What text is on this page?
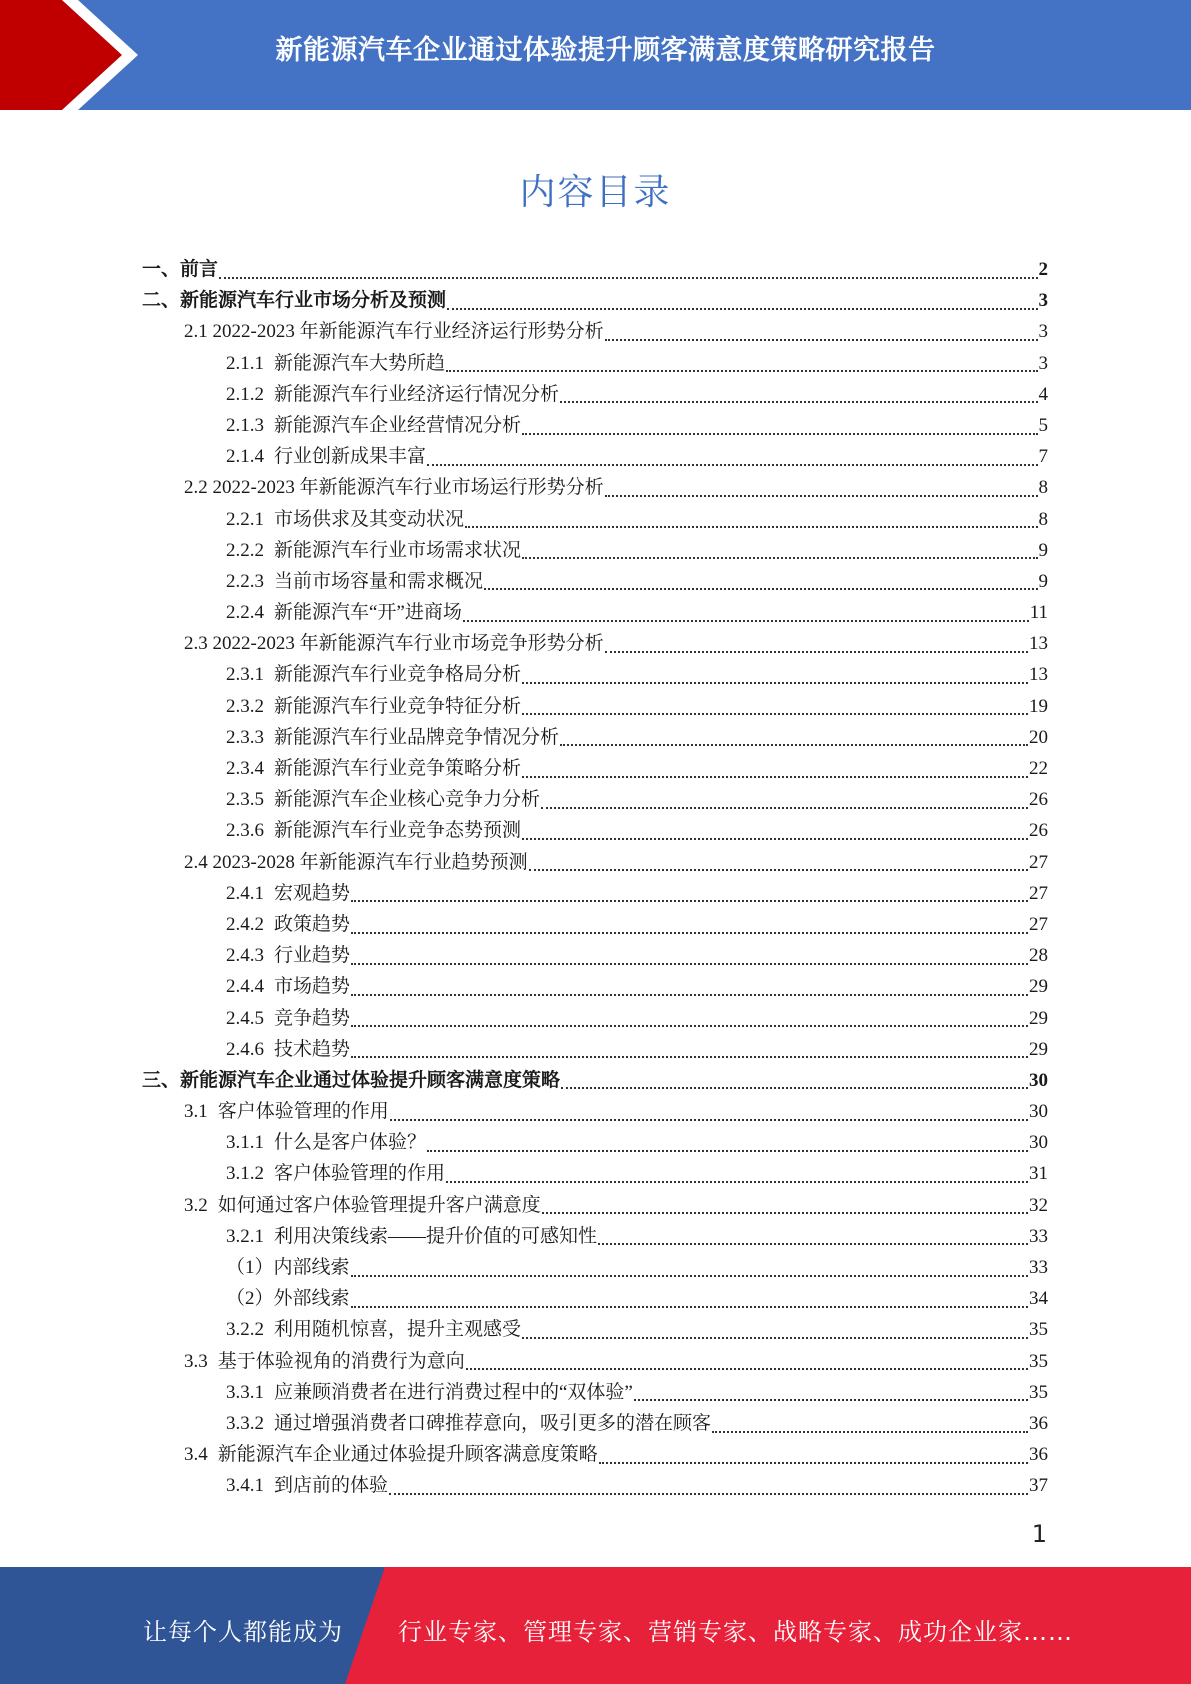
新能源汽车企业通过体验提升顾客满意度策略研究报告
内容目录
一、前言	2
二、新能源汽车行业市场分析及预测	3
2.1 2022-2023 年新能源汽车行业经济运行形势分析	3
2.1.1 新能源汽车大势所趋	3
2.1.2 新能源汽车行业经济运行情况分析	4
2.1.3 新能源汽车企业经营情况分析	5
2.1.4 行业创新成果丰富	7
2.2 2022-2023 年新能源汽车行业市场运行形势分析	8
2.2.1 市场供求及其变动状况	8
2.2.2 新能源汽车行业市场需求状况	9
2.2.3 当前市场容量和需求概况	9
2.2.4 新能源汽车“开”进商场	11
2.3 2022-2023 年新能源汽车行业市场竞争形势分析	13
2.3.1 新能源汽车行业竞争格局分析	13
2.3.2 新能源汽车行业竞争特征分析	19
2.3.3 新能源汽车行业品牌竞争情况分析	20
2.3.4 新能源汽车行业竞争策略分析	22
2.3.5 新能源汽车企业核心竞争力分析	26
2.3.6 新能源汽车行业竞争态势预测	26
2.4 2023-2028 年新能源汽车行业趋势预测	27
2.4.1 宏观趋势	27
2.4.2 政策趋势	27
2.4.3 行业趋势	28
2.4.4 市场趋势	29
2.4.5 竞争趋势	29
2.4.6 技术趋势	29
三、新能源汽车企业通过体验提升顾客满意度策略	30
3.1 客户体验管理的作用	30
3.1.1 什么是客户体验？	30
3.1.2 客户体验管理的作用	31
3.2 如何通过客户体验管理提升客户满意度	32
3.2.1 利用决策线索——提升价值的可感知性	33
（1）内部线索	33
（2）外部线索	34
3.2.2 利用随机惊喜，提升主观感受	35
3.3 基于体验视角的消费行为意向	35
3.3.1 应兼顾消费者在进行消费过程中的“双体验”	35
3.3.2 通过增强消费者口碑推荐意向，吸引更多的潜在顾客	36
3.4 新能源汽车企业通过体验提升顾客满意度策略	36
3.4.1 到店前的体验	37
1
让每个人都能成为 行业专家、管理专家、营销专家、战略专家、成功企业家……
